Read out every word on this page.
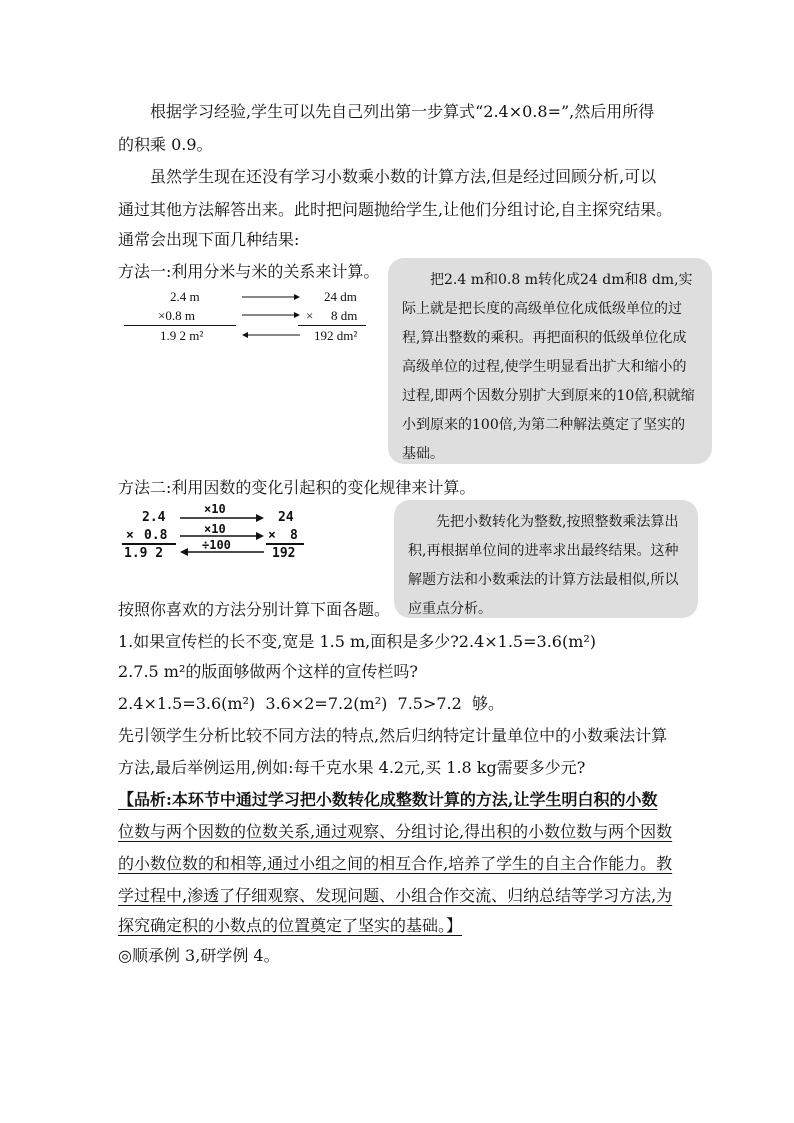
根据学习经验,学生可以先自己列出第一步算式“2.4×0.8=”,然后用所得
的积乘 0.9。
虽然学生现在还没有学习小数乘小数的计算方法,但是经过回顾分析,可以
通过其他方法解答出来。此时把问题抛给学生,让他们分组讨论,自主探究结果。
通常会出现下面几种结果:
方法一:利用分米与米的关系来计算。
2.4 m
×0.8 m
1.9 2 m²
24 dm
× 8 dm
192 dm²

把2.4 m和0.8 m转化成24 dm和8 dm,实际上就是把长度的高级单位化成低级单位的过程,算出整数的乘积。再把面积的低级单位化成高级单位的过程,使学生明显看出扩大和缩小的过程,即两个因数分别扩大到原来的10倍,积就缩小到原来的100倍,为第二种解法奠定了坚实的基础。

方法二:利用因数的变化引起积的变化规律来计算。
2.4
× 0.8
1.9 2
×10
×10
÷100
24
× 8
192

先把小数转化为整数,按照整数乘法算出积,再根据单位间的进率求出最终结果。这种解题方法和小数乘法的计算方法最相似,所以应重点分析。

按照你喜欢的方法分别计算下面各题。
1.如果宣传栏的长不变,宽是 1.5 m,面积是多少?2.4×1.5=3.6(m²)
2.7.5 m²的版面够做两个这样的宣传栏吗?
2.4×1.5=3.6(m²)  3.6×2=7.2(m²)  7.5>7.2  够。
先引领学生分析比较不同方法的特点,然后归纳特定计量单位中的小数乘法计算
方法,最后举例运用,例如:每千克水果 4.2元,买 1.8 kg需要多少元?
【品析:本环节中通过学习把小数转化成整数计算的方法,让学生明白积的小数
位数与两个因数的位数关系,通过观察、分组讨论,得出积的小数位数与两个因数
的小数位数的和相等,通过小组之间的相互合作,培养了学生的自主合作能力。教
学过程中,渗透了仔细观察、发现问题、小组合作交流、归纳总结等学习方法,为
探究确定积的小数点的位置奠定了坚实的基础。】
◎顺承例 3,研学例 4。
